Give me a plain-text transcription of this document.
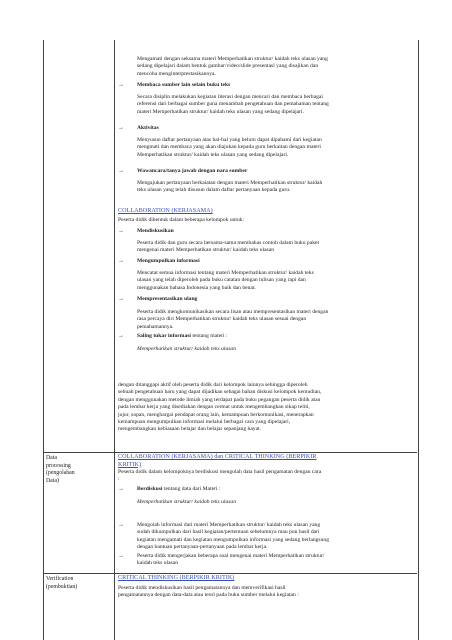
Data
processing
(pengolahan
Data)
Verification
(pembuktian)
Mengamati dengan seksama materi Memperhatikan struktur/ kaidah teks ulasan yang
sedang dipelajari dalam bentuk gambar/video/slide presentasi yang disajikan dan
mencoba menginterprestasikannya.
→ Membaca sumber lain selain buku teks
Secara disiplin melakukan kegiatan literasi dengan mencari dan membaca berbagai
referensi dari berbagai sumber guna menambah pengetahuan dan pemahaman tentang
materi Memperhatikan struktur/ kaidah teks ulasan yang sedang dipelajari.
→ Aktivitas
Menyusun daftar pertanyaan atas hal-hal yang belum dapat dipahami dari kegiatan
mengmati dan membaca yang akan diajukan kepada guru berkaitan dengan materi
Memperhatikan struktur/ kaidah teks ulasan yang sedang dipelajari.
→ Wawancara/tanya jawab dengan nara sumber
Mengajukan pertanyaan berkaiatan dengan materi Memperhatikan struktur/ kaidah
teks ulasan yang telah disusun dalam daftar pertanyaan kepada guru.
COLLABORATION (KERJASAMA)
Peserta didik dibentuk dalam beberapa kelompok untuk:
→ Mendiskusikan
Peserta didik dan guru secara bersama-sama membahas contoh dalam buku paket
mengenai materi Memperhatikan struktur/ kaidah teks ulasan
→ Mengumpulkan informasi
Mencatat semua informasi tentang materi Memperhatikan struktur/ kaidah teks
ulasan yang telah diperoleh pada buku catatan dengan tulisan yang rapi dan
menggunakan bahasa Indonesia yang baik dan benar.
→ Mempresentasikan ulang
Peserta didik mengkomunikasikan secara lisan atau mempresentasikan materi dengan
rasa percaya diri Memperhatikan struktur/ kaidah teks ulasan sesuai dengan
pemahamannya.
→ Saling tukar informasi tentang materi :
Memperhatikan struktur/ kaidah teks ulasan
dengan ditanggapi aktif oleh peserta didik dari kelompok lainnya sehingga diperoleh
sebuah pengetahuan baru yang dapat dijadikan sebagai bahan diskusi kelompok kemudian,
dengan menggunakan metode ilmiah yang terdapat pada buku pegangan peserta didik atau
pada lembar kerja yang disediakan dengan cermat untuk mengembangkan sikap teliti,
jujur, sopan, menghargai pendapat orang lain, kemampuan berkomunikasi, menerapkan
kemampuan mengumpulkan informasi melalui berbagai cara yang dipelajari,
mengembangkan kebiasaan belajar dan belajar sepanjang hayat.
COLLABORATION (KERJASAMA) dan CRITICAL THINKING (BERPIKIR
KRITIK)
Peserta didik dalam kelompoknya berdiskusi mengolah data hasil pengamatan dengan cara
:
→ Berdiskusi tentang data dari Materi :
Memperhatikan struktur/ kaidah teks ulasan
→ Mengolah informasi dari materi Memperhatikan struktur/ kaidah teks ulasan yang
sudah dikumpulkan dari hasil kegiatan/pertemuan sebelumnya mau pun hasil dari
kegiatan mengamati dan kegiatan mengumpulkan informasi yang sedang berlangsung
dengan bantuan pertanyaan-pertanyaan pada lembar kerja.
→ Peserta didik mengerjakan beberapa soal mengenai materi Memperhatikan struktur/
kaidah teks ulasan
CRITICAL THINKING (BERPIKIR KRITIK)
Peserta didik mendiskusikan hasil pengamatannya dan memverifikasi hasil
pengamatannya dengan data-data atau teori pada buku sumber melalui kegiatan :
